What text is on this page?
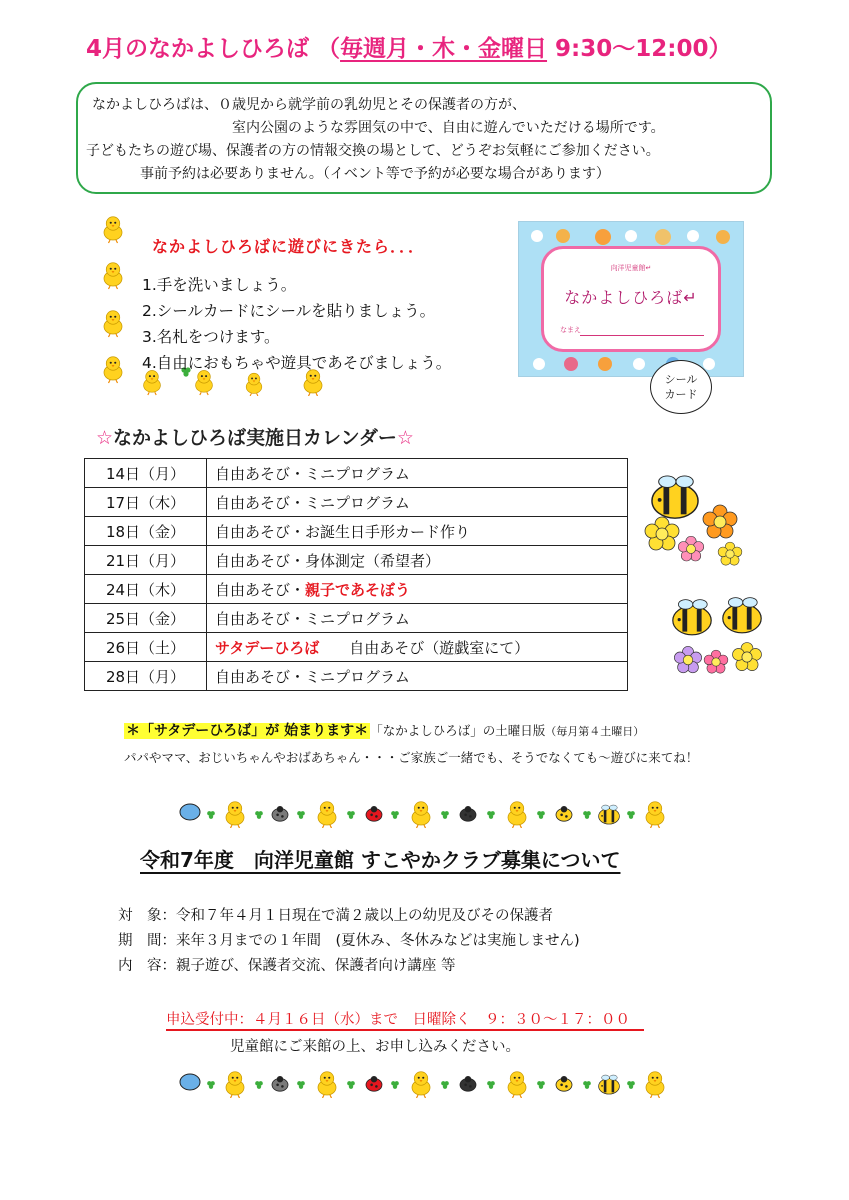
4月のなかよしひろば （毎週月・木・金曜日 9:30〜12:00）
なかよしひろばは、０歳児から就学前の乳幼児とその保護者の方が、
室内公園のような雰囲気の中で、自由に遊んでいただける場所です。
子どもたちの遊び場、保護者の方の情報交換の場として、どうぞお気軽にご参加ください。
事前予約は必要ありません。（イベント等で予約が必要な場合があります）
なかよしひろばに遊びにきたら．．．
1.手を洗いましょう。
2.シールカードにシールを貼りましょう。
3.名札をつけます。
4.自由におもちゃや遊具であそびましょう。
向洋児童館↵
なかよしひろば↵
なまえ
シール
カード
☆なかよしひろば実施日カレンダー☆
14日（月）	自由あそび・ミニプログラム
17日（木）	自由あそび・ミニプログラム
18日（金）	自由あそび・お誕生日手形カード作り
21日（月）	自由あそび・身体測定（希望者）
24日（木）	自由あそび・親子であそぼう
25日（金）	自由あそび・ミニプログラム
26日（土）	サタデーひろば　　自由あそび（遊戯室にて）
28日（月）	自由あそび・ミニプログラム
＊「サタデーひろば」が 始まります＊ 「なかよしひろば」の土曜日版（毎月第４土曜日）
パパやママ、おじいちゃんやおばあちゃん・・・ご家族ご一緒でも、そうでなくても〜遊びに来てね！
令和7年度　向洋児童館 すこやかクラブ募集について
対　象：令和７年４月１日現在で満２歳以上の幼児及びその保護者
期　間：来年３月までの１年間　(夏休み、冬休みなどは実施しません)
内　容：親子遊び、保護者交流、保護者向け講座 等
申込受付中：４月１６日（水）まで　日曜除く　９：３０〜１７：００
児童館にご来館の上、お申し込みください。
